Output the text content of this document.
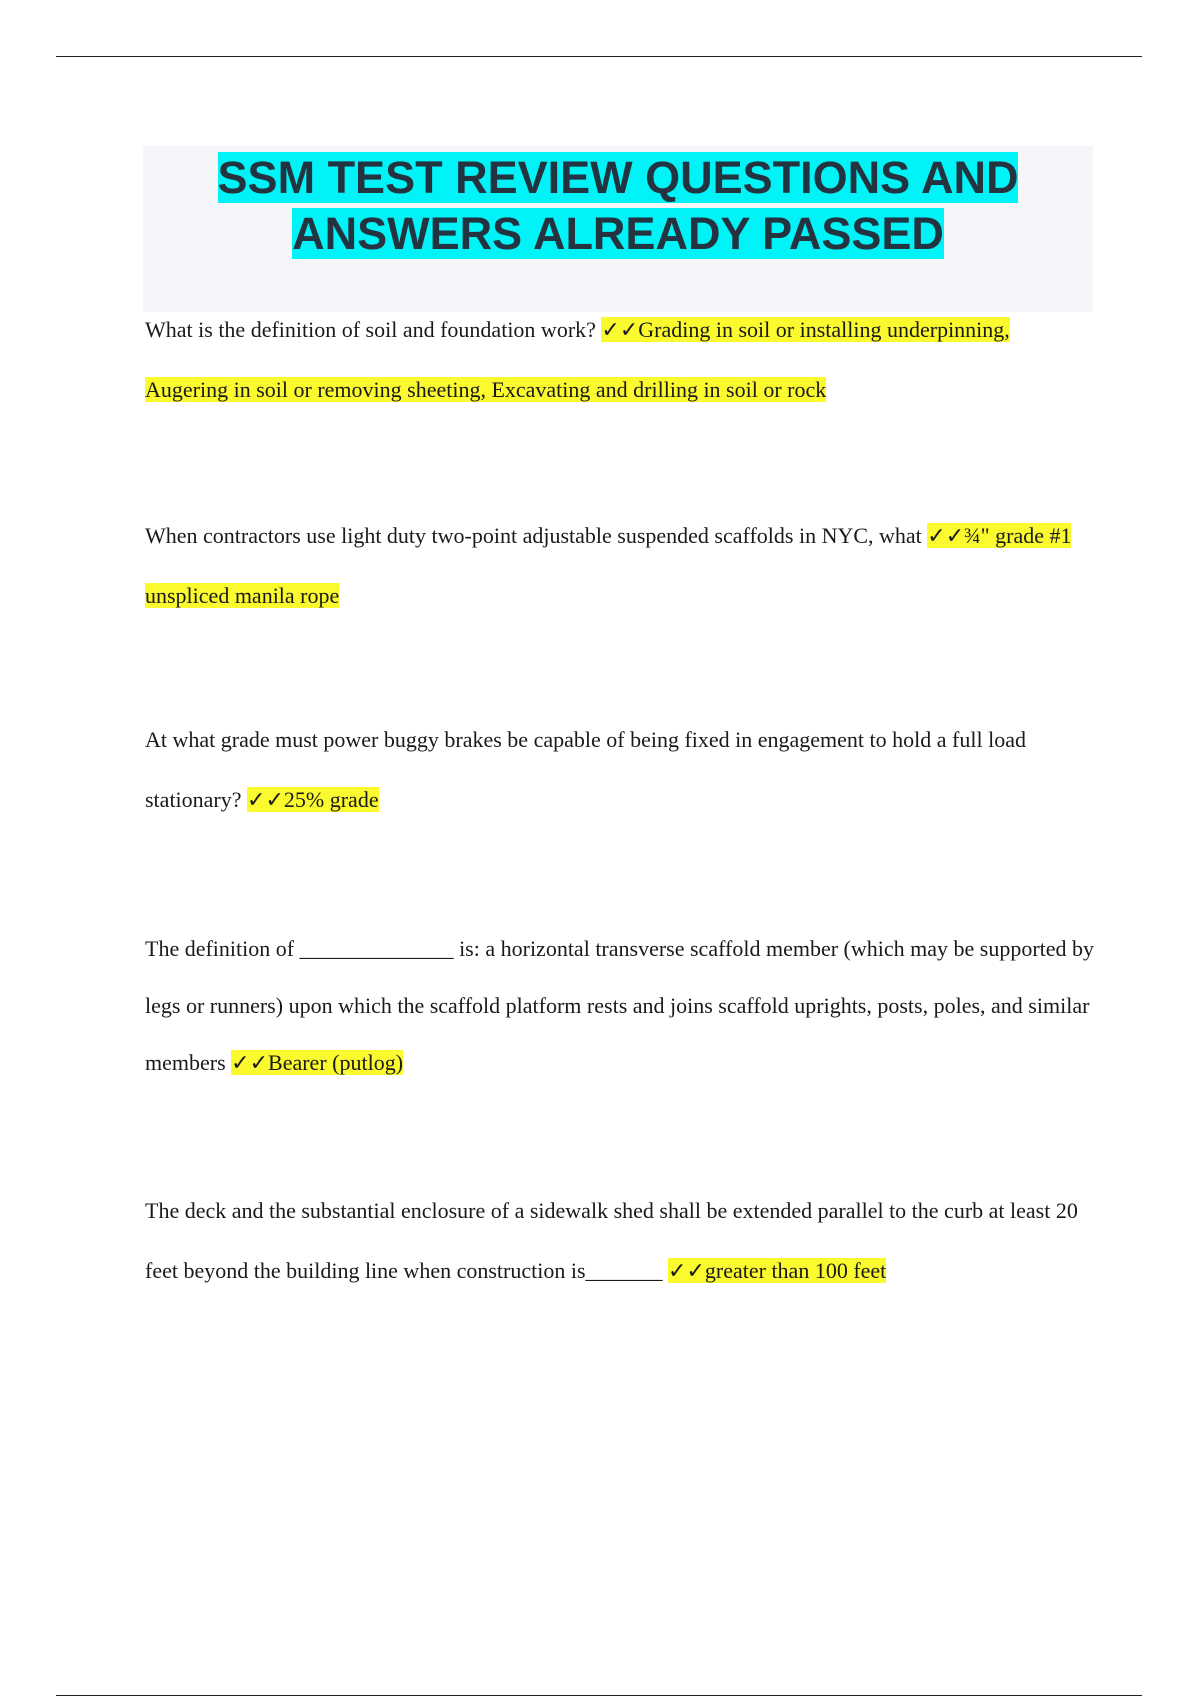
SSM TEST REVIEW QUESTIONS AND ANSWERS ALREADY PASSED

What is the definition of soil and foundation work? ✓✓Grading in soil or installing underpinning, Augering in soil or removing sheeting, Excavating and drilling in soil or rock

When contractors use light duty two-point adjustable suspended scaffolds in NYC, what ✓✓¾" grade #1 unspliced manila rope

At what grade must power buggy brakes be capable of being fixed in engagement to hold a full load stationary? ✓✓25% grade

The definition of ______________ is: a horizontal transverse scaffold member (which may be supported by legs or runners) upon which the scaffold platform rests and joins scaffold uprights, posts, poles, and similar members ✓✓Bearer (putlog)

The deck and the substantial enclosure of a sidewalk shed shall be extended parallel to the curb at least 20 feet beyond the building line when construction is_______ ✓✓greater than 100 feet
